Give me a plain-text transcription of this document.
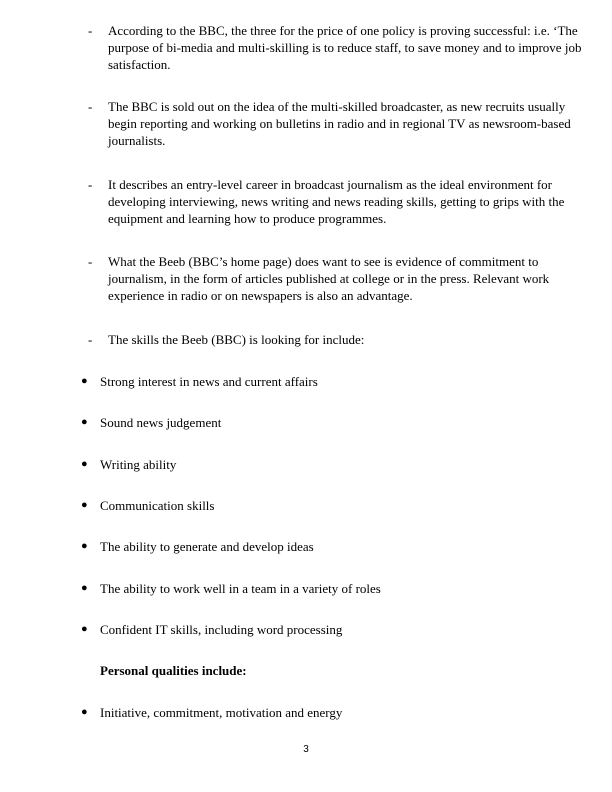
- According to the BBC, the three for the price of one policy is proving successful: i.e. ‘The purpose of bi-media and multi-skilling is to reduce staff, to save money and to improve job satisfaction.
- The BBC is sold out on the idea of the multi-skilled broadcaster, as new recruits usually begin reporting and working on bulletins in radio and in regional TV as newsroom-based journalists.
- It describes an entry-level career in broadcast journalism as the ideal environment for developing interviewing, news writing and news reading skills, getting to grips with the equipment and learning how to produce programmes.
- What the Beeb (BBC’s home page) does want to see is evidence of commitment to journalism, in the form of articles published at college or in the press. Relevant work experience in radio or on newspapers is also an advantage.
- The skills the Beeb (BBC) is looking for include:
● Strong interest in news and current affairs
● Sound news judgement
● Writing ability
● Communication skills
● The ability to generate and develop ideas
● The ability to work well in a team in a variety of roles
● Confident IT skills, including word processing
Personal qualities include:
● Initiative, commitment, motivation and energy
3
